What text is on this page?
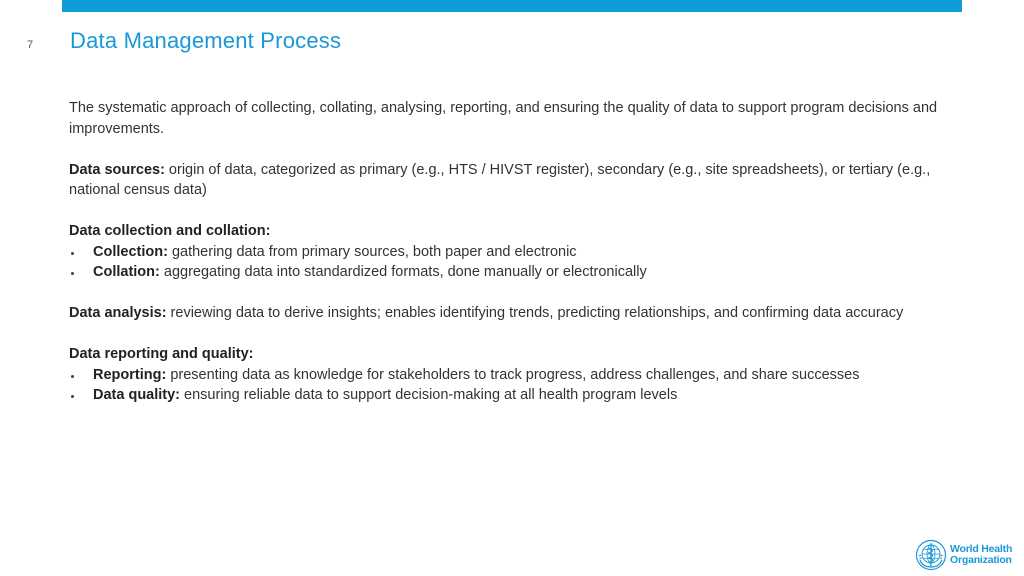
7 Data Management Process

The systematic approach of collecting, collating, analysing, reporting, and ensuring the quality of data to support program decisions and improvements.

Data sources: origin of data, categorized as primary (e.g., HTS / HIVST register), secondary (e.g., site spreadsheets), or tertiary (e.g., national census data)

Data collection and collation:

Collection: gathering data from primary sources, both paper and electronic
Collation: aggregating data into standardized formats, done manually or electronically

Data analysis: reviewing data to derive insights; enables identifying trends, predicting relationships, and confirming data accuracy

Data reporting and quality:

Reporting: presenting data as knowledge for stakeholders to track progress, address challenges, and share successes
Data quality: ensuring reliable data to support decision-making at all health program levels
World Health
Organization
